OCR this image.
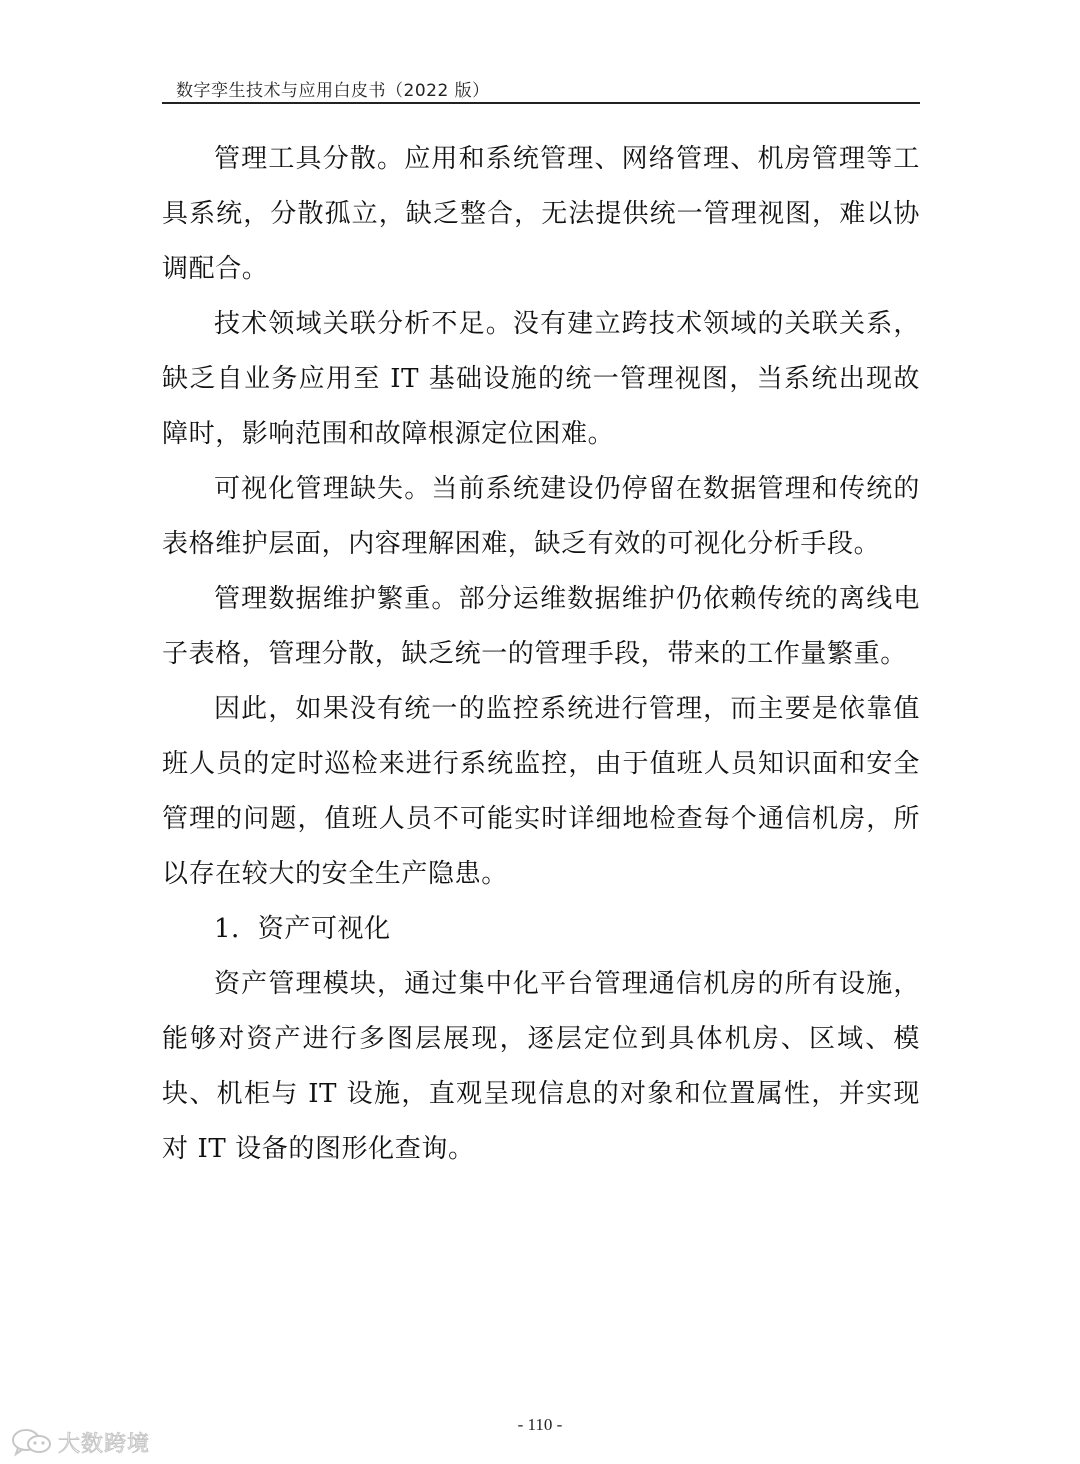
数字孪生技术与应用白皮书（2022 版）

管理工具分散。应用和系统管理、网络管理、机房管理等工具系统，分散孤立，缺乏整合，无法提供统一管理视图，难以协调配合。

技术领域关联分析不足。没有建立跨技术领域的关联关系，缺乏自业务应用至 IT 基础设施的统一管理视图，当系统出现故障时，影响范围和故障根源定位困难。

可视化管理缺失。当前系统建设仍停留在数据管理和传统的表格维护层面，内容理解困难，缺乏有效的可视化分析手段。

管理数据维护繁重。部分运维数据维护仍依赖传统的离线电子表格，管理分散，缺乏统一的管理手段，带来的工作量繁重。

因此，如果没有统一的监控系统进行管理，而主要是依靠值班人员的定时巡检来进行系统监控，由于值班人员知识面和安全管理的问题，值班人员不可能实时详细地检查每个通信机房，所以存在较大的安全生产隐患。

1．资产可视化

资产管理模块，通过集中化平台管理通信机房的所有设施，能够对资产进行多图层展现，逐层定位到具体机房、区域、模块、机柜与 IT 设施，直观呈现信息的对象和位置属性，并实现对 IT 设备的图形化查询。

- 110 -
大数跨境
